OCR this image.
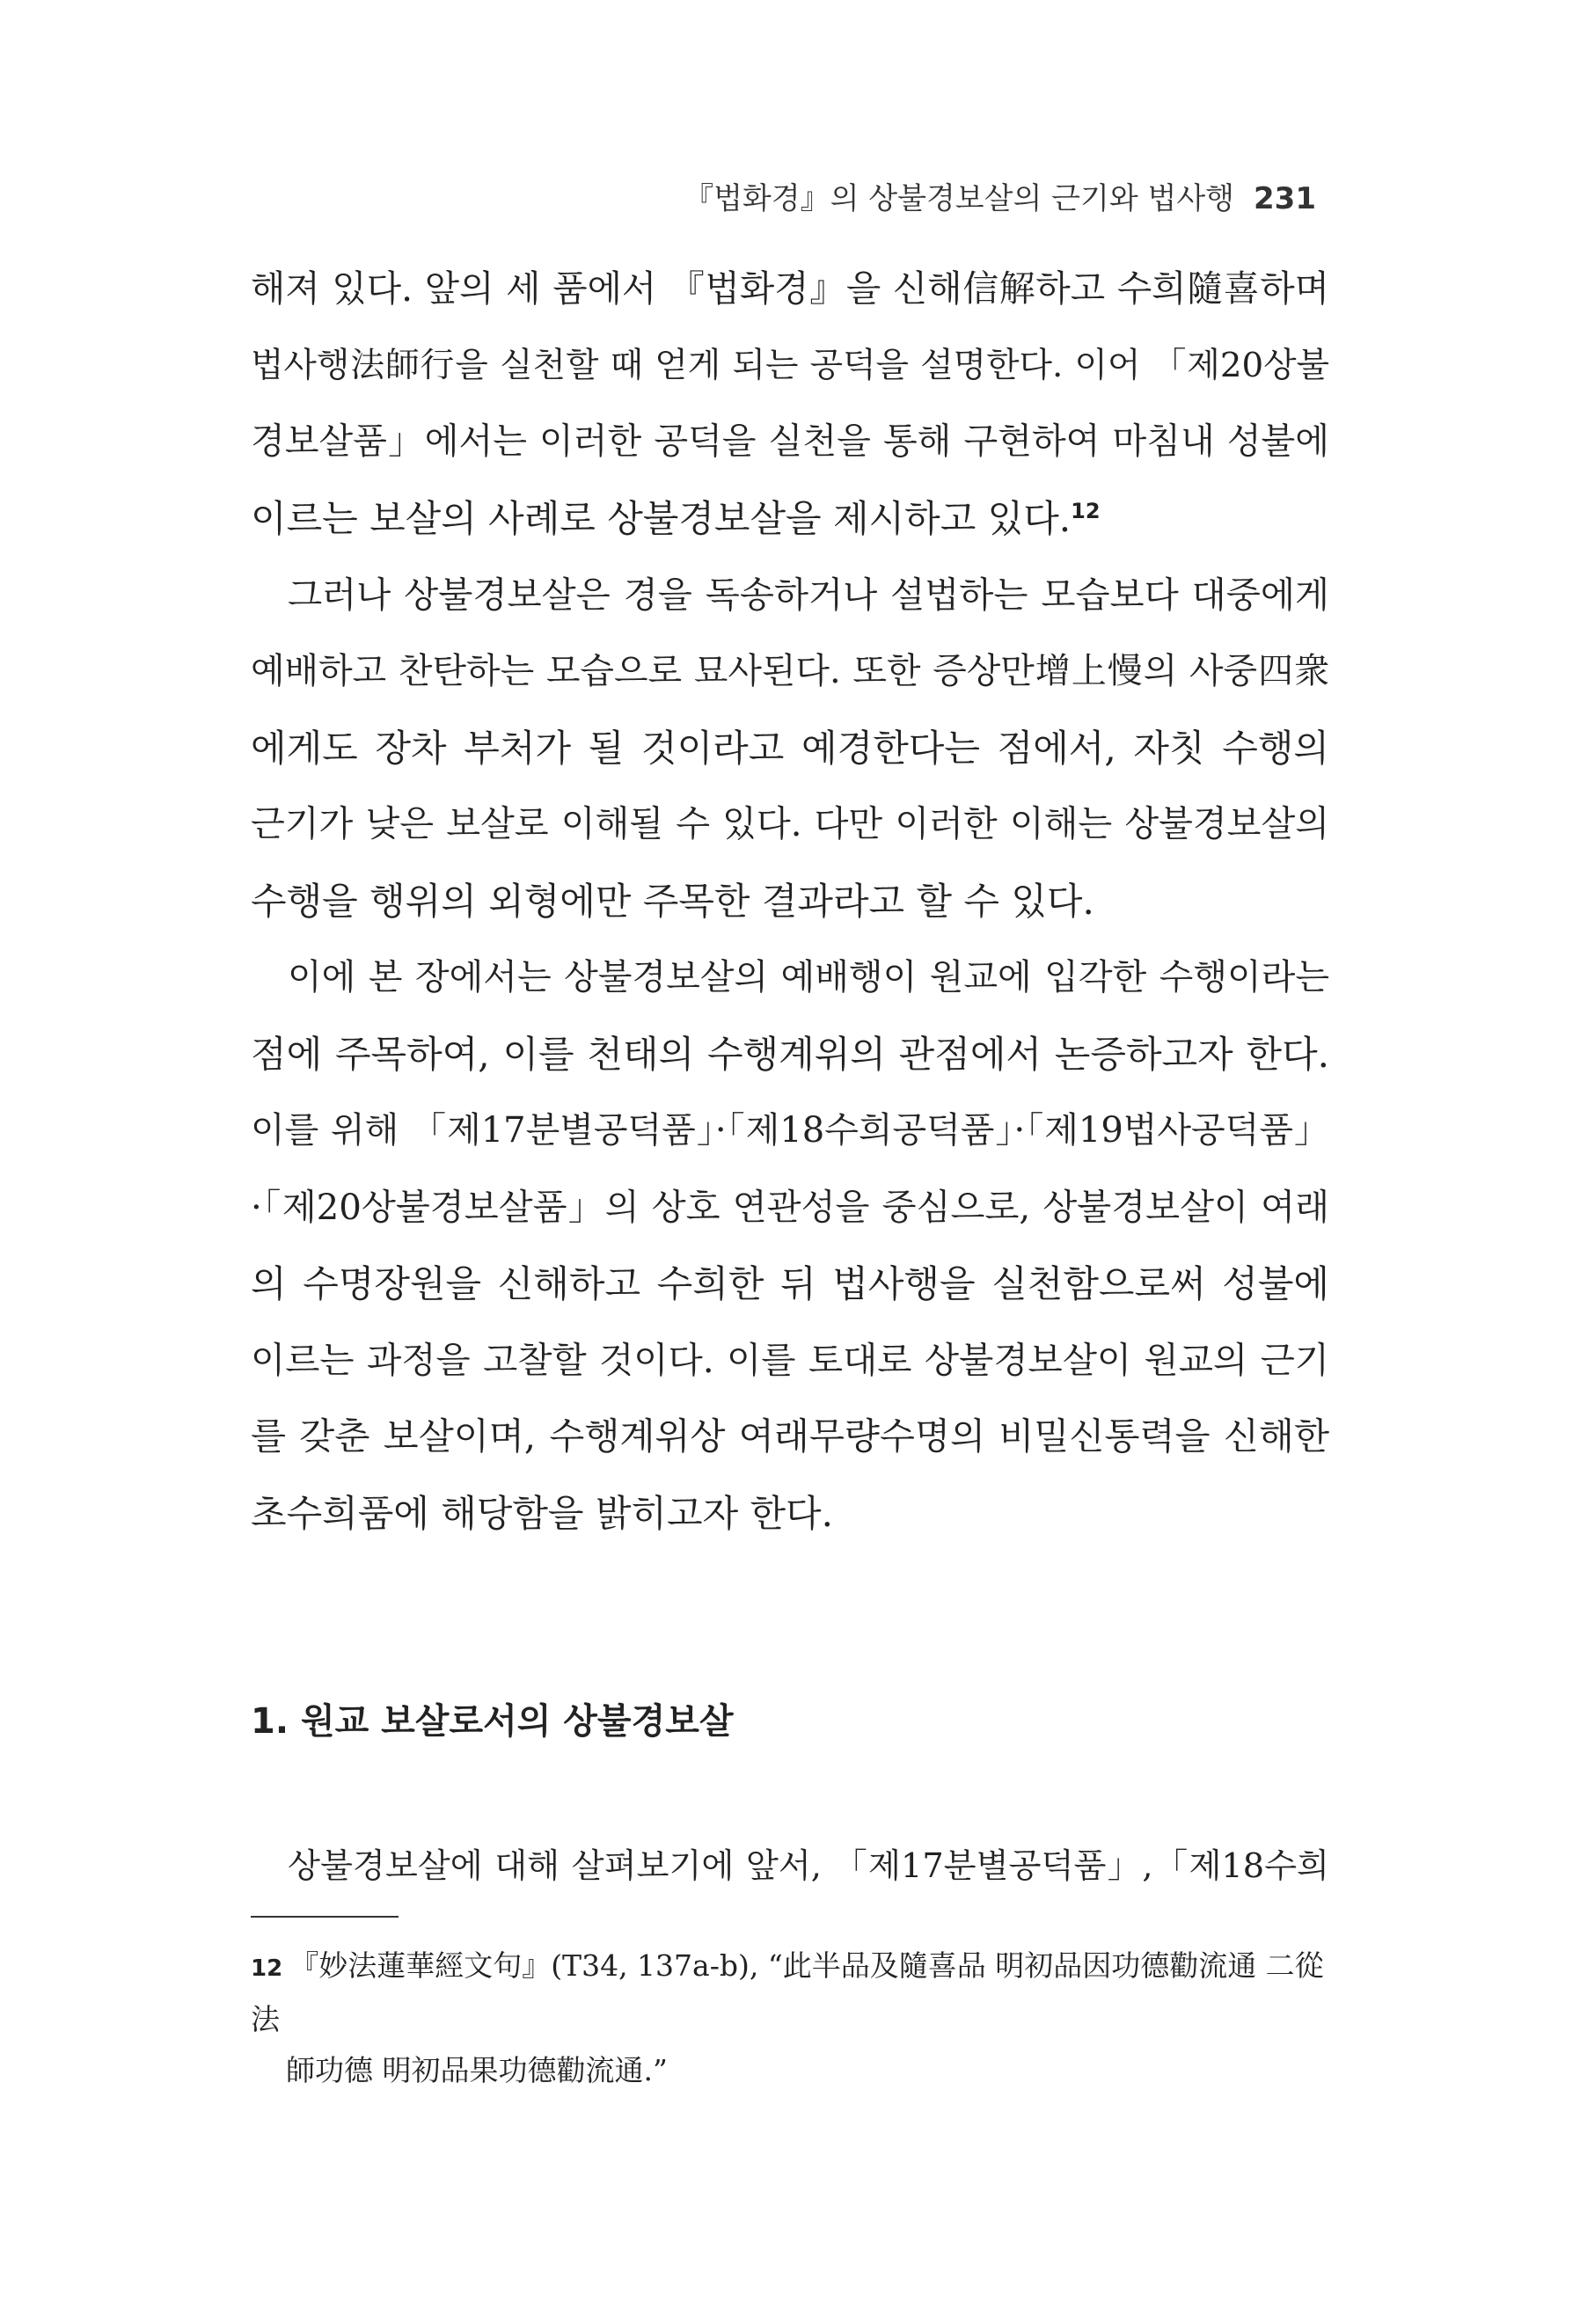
『법화경』의 상불경보살의 근기와 법사행 231

해져 있다. 앞의 세 품에서 『법화경』을 신해信解하고 수희隨喜하며
법사행法師行을 실천할 때 얻게 되는 공덕을 설명한다. 이어 「제20상불
경보살품」에서는 이러한 공덕을 실천을 통해 구현하여 마침내 성불에
이르는 보살의 사례로 상불경보살을 제시하고 있다.$^{12}$

그러나 상불경보살은 경을 독송하거나 설법하는 모습보다 대중에게
예배하고 찬탄하는 모습으로 묘사된다. 또한 증상만增上慢의 사중四衆
에게도 장차 부처가 될 것이라고 예경한다는 점에서, 자칫 수행의
근기가 낮은 보살로 이해될 수 있다. 다만 이러한 이해는 상불경보살의
수행을 행위의 외형에만 주목한 결과라고 할 수 있다.

이에 본 장에서는 상불경보살의 예배행이 원교에 입각한 수행이라는
점에 주목하여, 이를 천태의 수행계위의 관점에서 논증하고자 한다.
이를 위해 「제17분별공덕품」·「제18수희공덕품」·「제19법사공덕품」
·「제20상불경보살품」의 상호 연관성을 중심으로, 상불경보살이 여래
의 수명장원을 신해하고 수희한 뒤 법사행을 실천함으로써 성불에
이르는 과정을 고찰할 것이다. 이를 토대로 상불경보살이 원교의 근기
를 갖춘 보살이며, 수행계위상 여래무량수명의 비밀신통력을 신해한
초수희품에 해당함을 밝히고자 한다.

1. 원교 보살로서의 상불경보살
상불경보살에 대해 살펴보기에 앞서, 「제17분별공덕품」,「제18수희
12 『妙法蓮華經文句』(T34, 137a-b), “此半品及隨喜品 明初品因功德勸流通 二從法
師功德 明初品果功德勸流通.”
